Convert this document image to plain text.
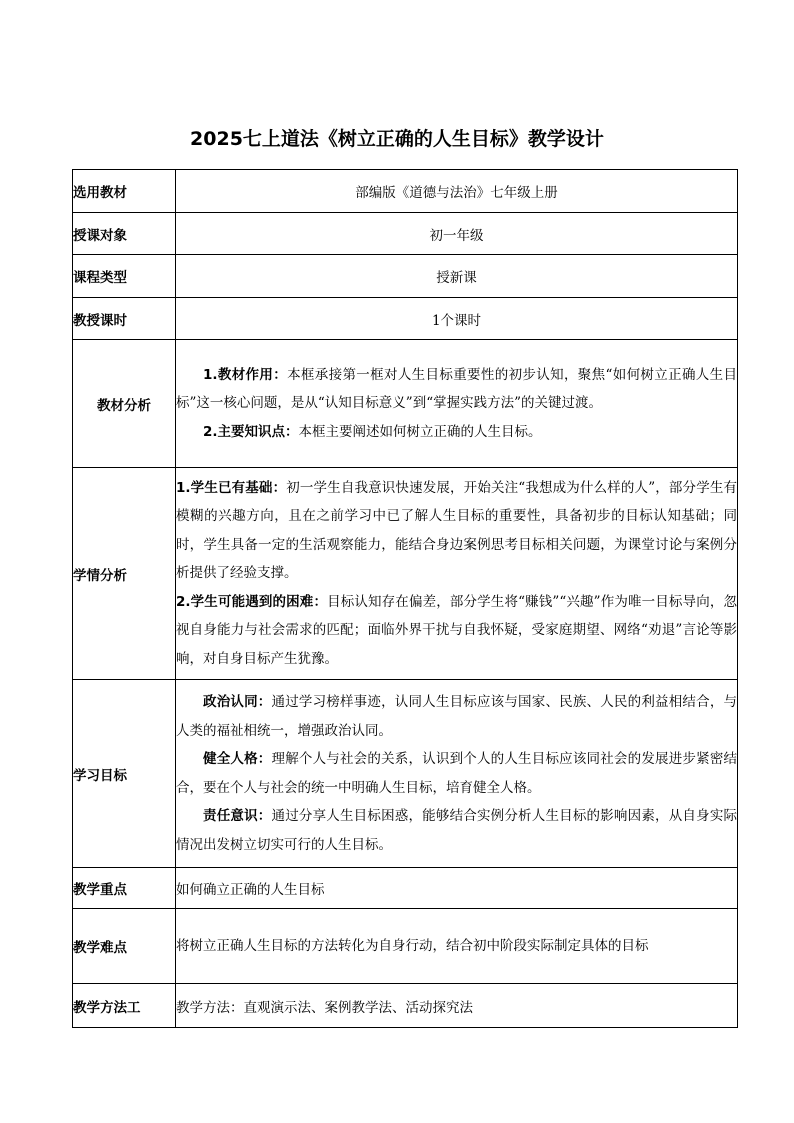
2025七上道法《树立正确的人生目标》教学设计
选用教材	部编版《道德与法治》七年级上册
授课对象	初一年级
课程类型	授新课
教授课时	1个课时
教材分析	1.教材作用：本框承接第一框对人生目标重要性的初步认知，聚焦“如何树立正确人生目标”这一核心问题，是从“认知目标意义”到“掌握实践方法”的关键过渡。

2.主要知识点：本框主要阐述如何树立正确的人生目标。

学情分析	1.学生已有基础：初一学生自我意识快速发展，开始关注“我想成为什么样的人”，部分学生有模糊的兴趣方向，且在之前学习中已了解人生目标的重要性，具备初步的目标认知基础；同时，学生具备一定的生活观察能力，能结合身边案例思考目标相关问题，为课堂讨论与案例分析提供了经验支撑。

2.学生可能遇到的困难：目标认知存在偏差，部分学生将“赚钱”“兴趣”作为唯一目标导向，忽视自身能力与社会需求的匹配；面临外界干扰与自我怀疑，受家庭期望、网络“劝退”言论等影响，对自身目标产生犹豫。

学习目标	政治认同：通过学习榜样事迹，认同人生目标应该与国家、民族、人民的利益相结合，与人类的福祉相统一，增强政治认同。

健全人格：理解个人与社会的关系，认识到个人的人生目标应该同社会的发展进步紧密结合，要在个人与社会的统一中明确人生目标，培育健全人格。

责任意识：通过分享人生目标困惑，能够结合实例分析人生目标的影响因素，从自身实际情况出发树立切实可行的人生目标。

教学重点	如何确立正确的人生目标
教学难点	将树立正确人生目标的方法转化为自身行动，结合初中阶段实际制定具体的目标
教学方法工	教学方法：直观演示法、案例教学法、活动探究法
